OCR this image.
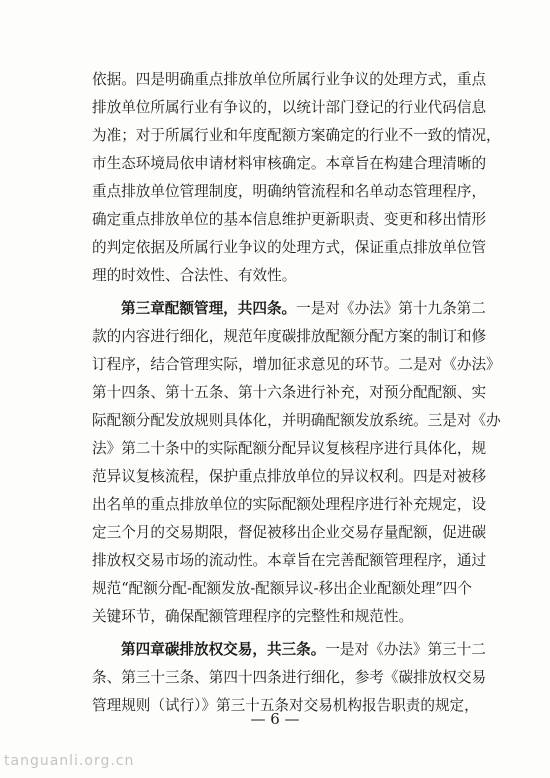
依据。四是明确重点排放单位所属行业争议的处理方式，重点
排放单位所属行业有争议的，以统计部门登记的行业代码信息
为准；对于所属行业和年度配额方案确定的行业不一致的情况，
市生态环境局依申请材料审核确定。本章旨在构建合理清晰的
重点排放单位管理制度，明确纳管流程和名单动态管理程序，
确定重点排放单位的基本信息维护更新职责、变更和移出情形
的判定依据及所属行业争议的处理方式，保证重点排放单位管
理的时效性、合法性、有效性。
第三章配额管理，共四条。一是对《办法》第十九条第二
款的内容进行细化，规范年度碳排放配额分配方案的制订和修
订程序，结合管理实际，增加征求意见的环节。二是对《办法》
第十四条、第十五条、第十六条进行补充，对预分配配额、实
际配额分配发放规则具体化，并明确配额发放系统。三是对《办
法》第二十条中的实际配额分配异议复核程序进行具体化，规
范异议复核流程，保护重点排放单位的异议权利。四是对被移
出名单的重点排放单位的实际配额处理程序进行补充规定，设
定三个月的交易期限，督促被移出企业交易存量配额，促进碳
排放权交易市场的流动性。本章旨在完善配额管理程序，通过
规范“配额分配-配额发放-配额异议-移出企业配额处理”四个
关键环节，确保配额管理程序的完整性和规范性。
第四章碳排放权交易，共三条。一是对《办法》第三十二
条、第三十三条、第四十四条进行细化，参考《碳排放权交易
管理规则（试行）》第三十五条对交易机构报告职责的规定，
— 6 —
tanguanli.org.cn
